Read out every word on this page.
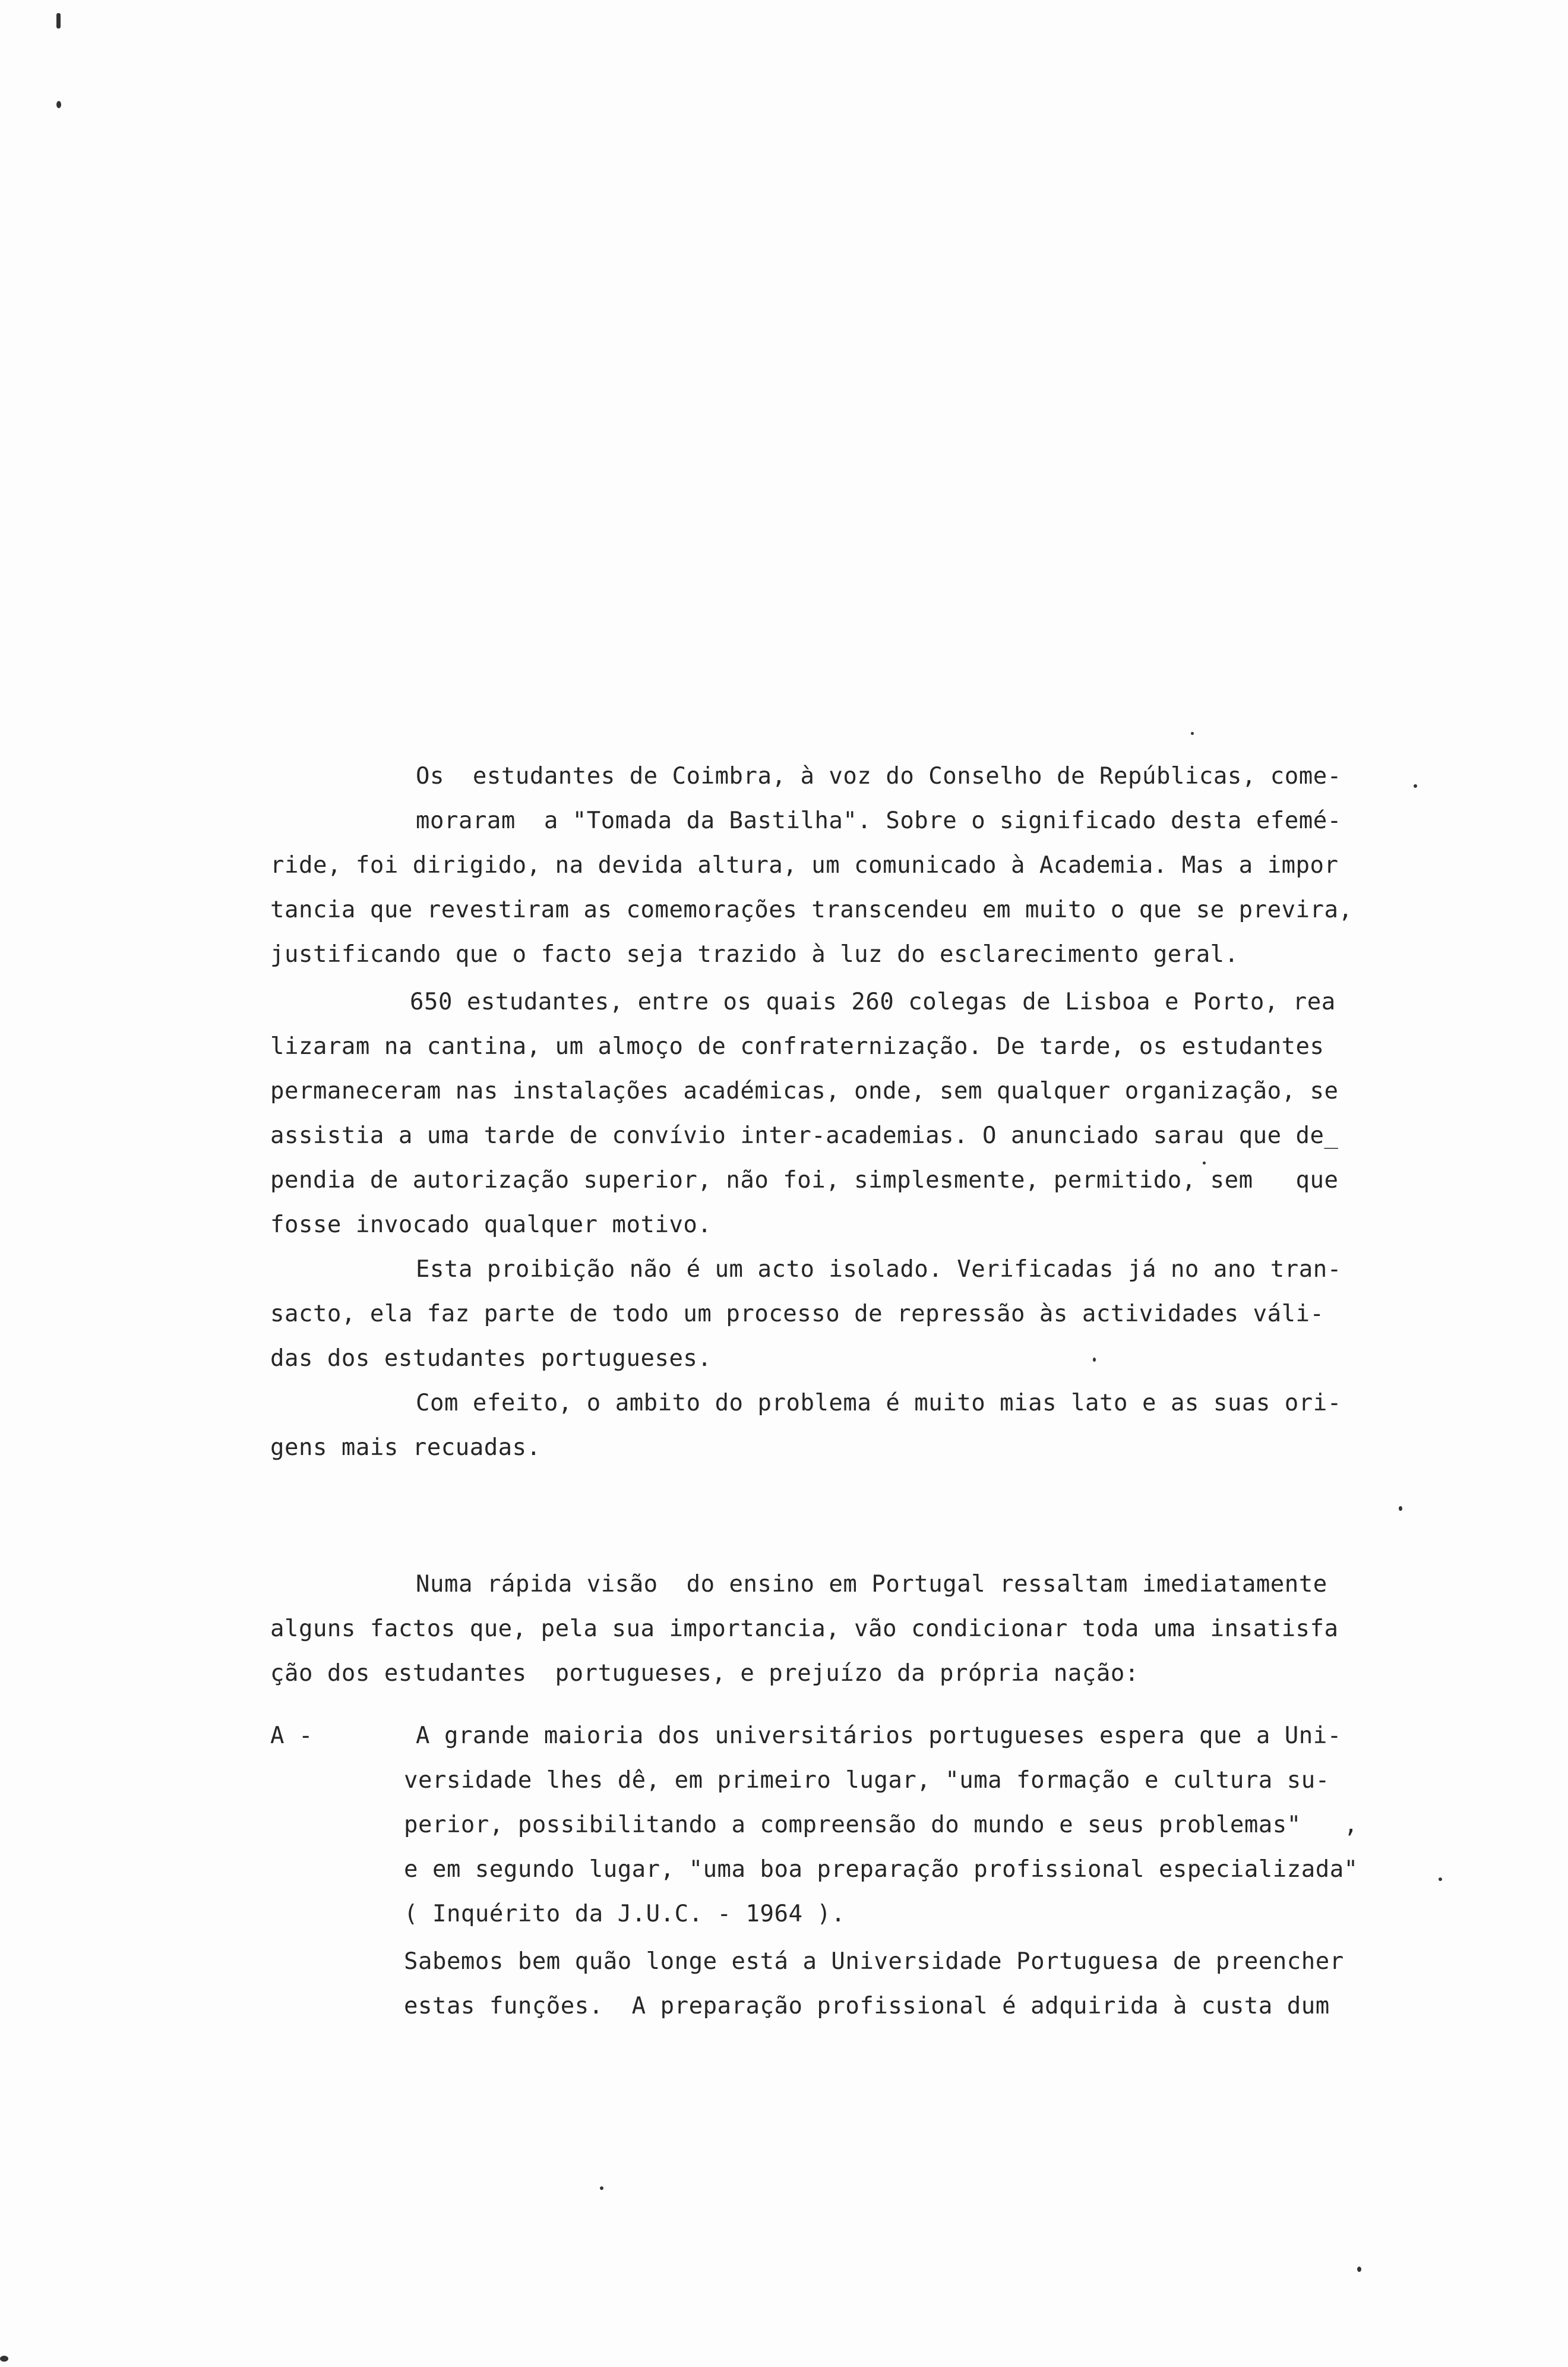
Os  estudantes de Coimbra, à voz do Conselho de Repúblicas, come-
moraram  a "Tomada da Bastilha". Sobre o significado desta efemé-
ride, foi dirigido, na devida altura, um comunicado à Academia. Mas a impor
tancia que revestiram as comemorações transcendeu em muito o que se previra,
justificando que o facto seja trazido à luz do esclarecimento geral.
650 estudantes, entre os quais 260 colegas de Lisboa e Porto, rea
lizaram na cantina, um almoço de confraternização. De tarde, os estudantes
permaneceram nas instalações académicas, onde, sem qualquer organização, se
assistia a uma tarde de convívio inter-academias. O anunciado sarau que de_
pendia de autorização superior, não foi, simplesmente, permitido, sem   que
fosse invocado qualquer motivo.
Esta proibição não é um acto isolado. Verificadas já no ano tran-
sacto, ela faz parte de todo um processo de repressão às actividades váli-
das dos estudantes portugueses.
Com efeito, o ambito do problema é muito mias lato e as suas ori-
gens mais recuadas.
Numa rápida visão  do ensino em Portugal ressaltam imediatamente
alguns factos que, pela sua importancia, vão condicionar toda uma insatisfa
ção dos estudantes  portugueses, e prejuízo da própria nação:
A -	A grande maioria dos universitários portugueses espera que a Uni-
versidade lhes dê, em primeiro lugar, "uma formação e cultura su-
perior, possibilitando a compreensão do mundo e seus problemas"   ,
e em segundo lugar, "uma boa preparação profissional especializada"
( Inquérito da J.U.C. - 1964 ).
Sabemos bem quão longe está a Universidade Portuguesa de preencher
estas funções.  A preparação profissional é adquirida à custa dum
